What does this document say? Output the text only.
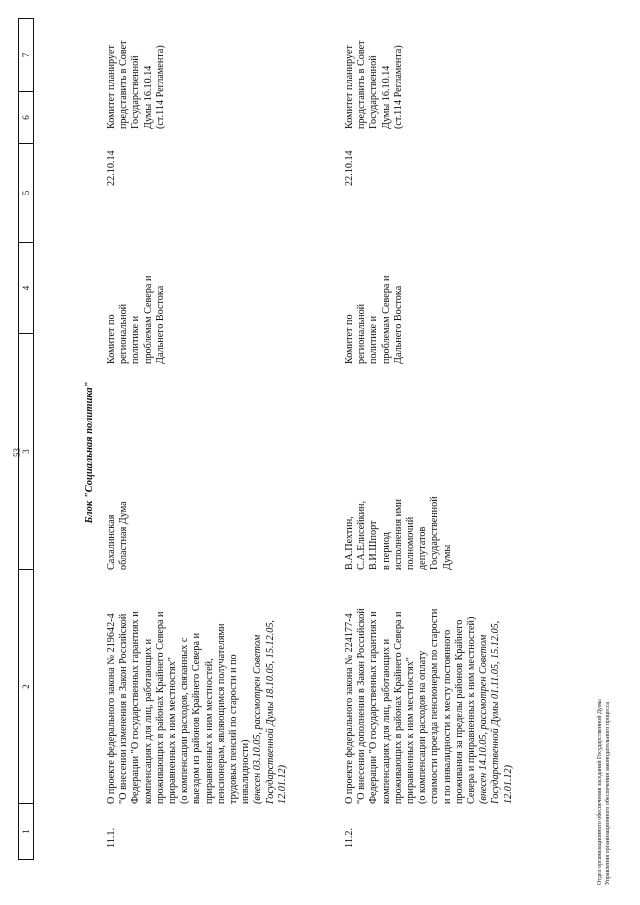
53
1
2
3
4
5
6
7
Блок "Социальная политика"
11.1.
О проекте федерального закона № 219642-4 "О внесении изменения в Закон Российской Федерации "О государственных гарантиях и компенсациях для лиц, работающих и проживающих в районах Крайнего Севера и приравненных к ним местностях" (о компенсации расходов, связанных с выездом из районов Крайнего Севера и приравненных к ним местностей, пенсионерам, являющимся получателями трудовых пенсий по старости и по инвалидности) (внесен 03.10.05, рассмотрен Советом Государственной Думы 18.10.05, 15.12.05, 12.01.12)
Сахалинская областная Дума
Комитет по региональной политике и проблемам Севера и Дальнего Востока
22.10.14
Комитет планирует представить в Совет Государственной Думы 16.10.14 (ст.114 Регламента)
11.2.
О проекте федерального закона № 224177-4 "О внесении дополнения в Закон Российской Федерации "О государственных гарантиях и компенсациях для лиц, работающих и проживающих в районах Крайнего Севера и приравненных к ним местностях" (о компенсации расходов на оплату стоимости проезда пенсионерам по старости и по инвалидности к месту постоянного проживания за пределы районов Крайнего Севера и приравненных к ним местностей) (внесен 14.10.05, рассмотрен Советом Государственной Думы 01.11.05, 15.12.05, 12.01.12)
В.А.Пехтин, С.А.Елисейкин, В.И.Шпорт в период исполнения ими полномочий депутатов Государственной Думы
Комитет по региональной политике и проблемам Севера и Дальнего Востока
22.10.14
Комитет планирует представить в Совет Государственной Думы 16.10.14 (ст.114 Регламента)
Отдел организационного обеспечения заседаний Государственной Думы Управления организационного обеспечения законодательного процесса
